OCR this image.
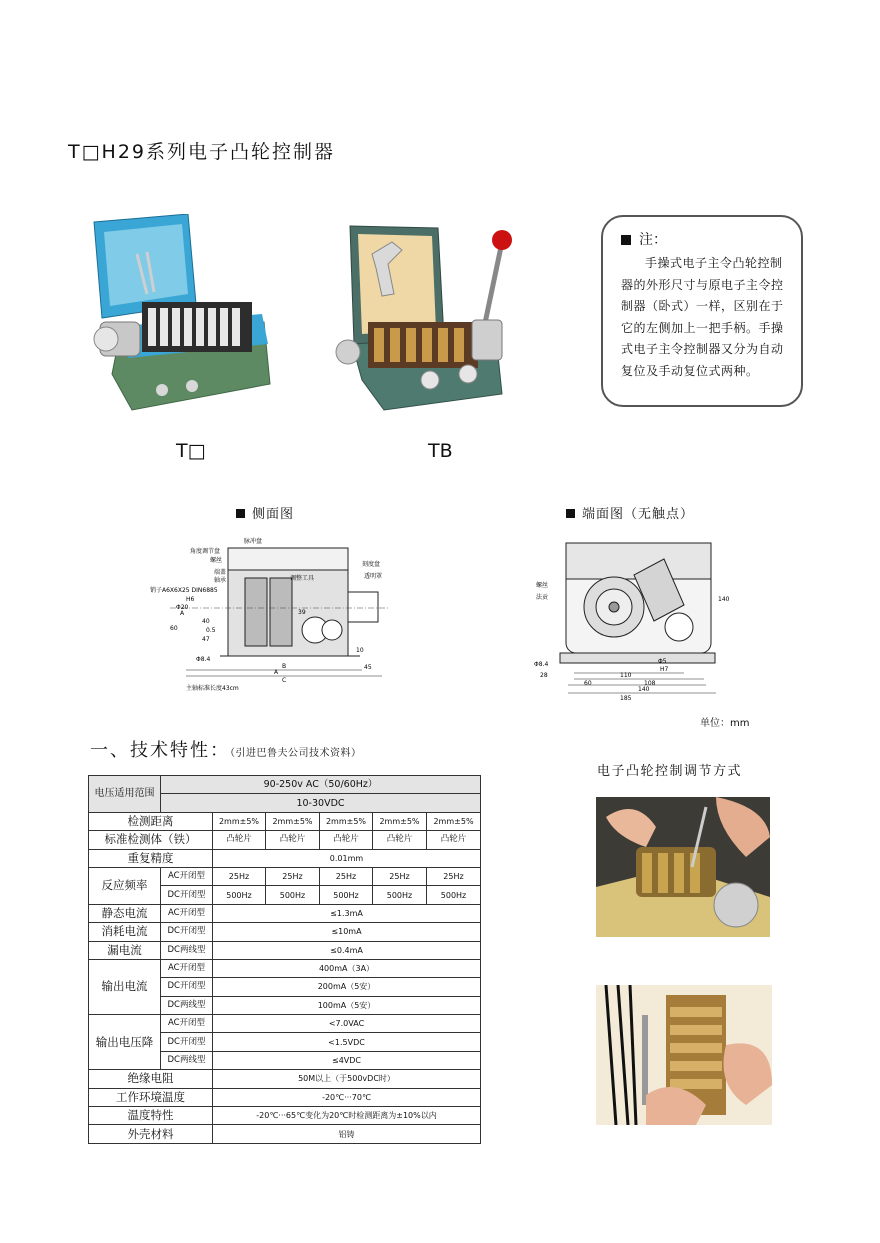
T□H29系列电子凸轮控制器
T□	TB
注：
手操式电子主令凸轮控制器的外形尺寸与原电子主令控制器（卧式）一样，区别在于它的左侧加上一把手柄。手操式电子主令控制器又分为自动复位及手动复位式两种。
侧面图	端面图（无触点）
脉冲盘
角度调节盘
螺丝
端盖
轴承
销子A6X6X25 DIN6885
调整工具
刻度盘
透明罩
H6
Φ20
A
40
0.5
47
60
Φ8.4
39
B
10
45
A
C
主轴标准长度43cm
螺丝
法贡	140
Φ5
H7
Φ8.4
28	110
60	108
140
185
单位：mm
一、技术特性：（引进巴鲁夫公司技术资料）
电子凸轮控制调节方式
电压适用范围	90-250v AC（50/60Hz）					
	10-30VDC					
检测距离		2mm±5%	2mm±5%	2mm±5%	2mm±5%	2mm±5%
标准检测体（铁）		凸轮片	凸轮片	凸轮片	凸轮片	凸轮片
重复精度		0.01mm				
反应频率	AC开闭型	25Hz	25Hz	25Hz	25Hz	25Hz
	DC开闭型	500Hz	500Hz	500Hz	500Hz	500Hz
静态电流	AC开闭型	≤1.3mA				
消耗电流	DC开闭型	≤10mA				
漏电流	DC两线型	≤0.4mA				
输出电流	AC开闭型	400mA（3A）				
	DC开闭型	200mA（5安）				
	DC两线型	100mA（5安）				
输出电压降	AC开闭型	<7.0VAC				
	DC开闭型	<1.5VDC				
	DC两线型	≤4VDC				
绝缘电阻		50M以上（于500vDC时）				
工作环境温度		-20℃···70℃				
温度特性		-20℃···65℃变化为20℃时检测距离为±10%以内				
外壳材料		铝铸				
